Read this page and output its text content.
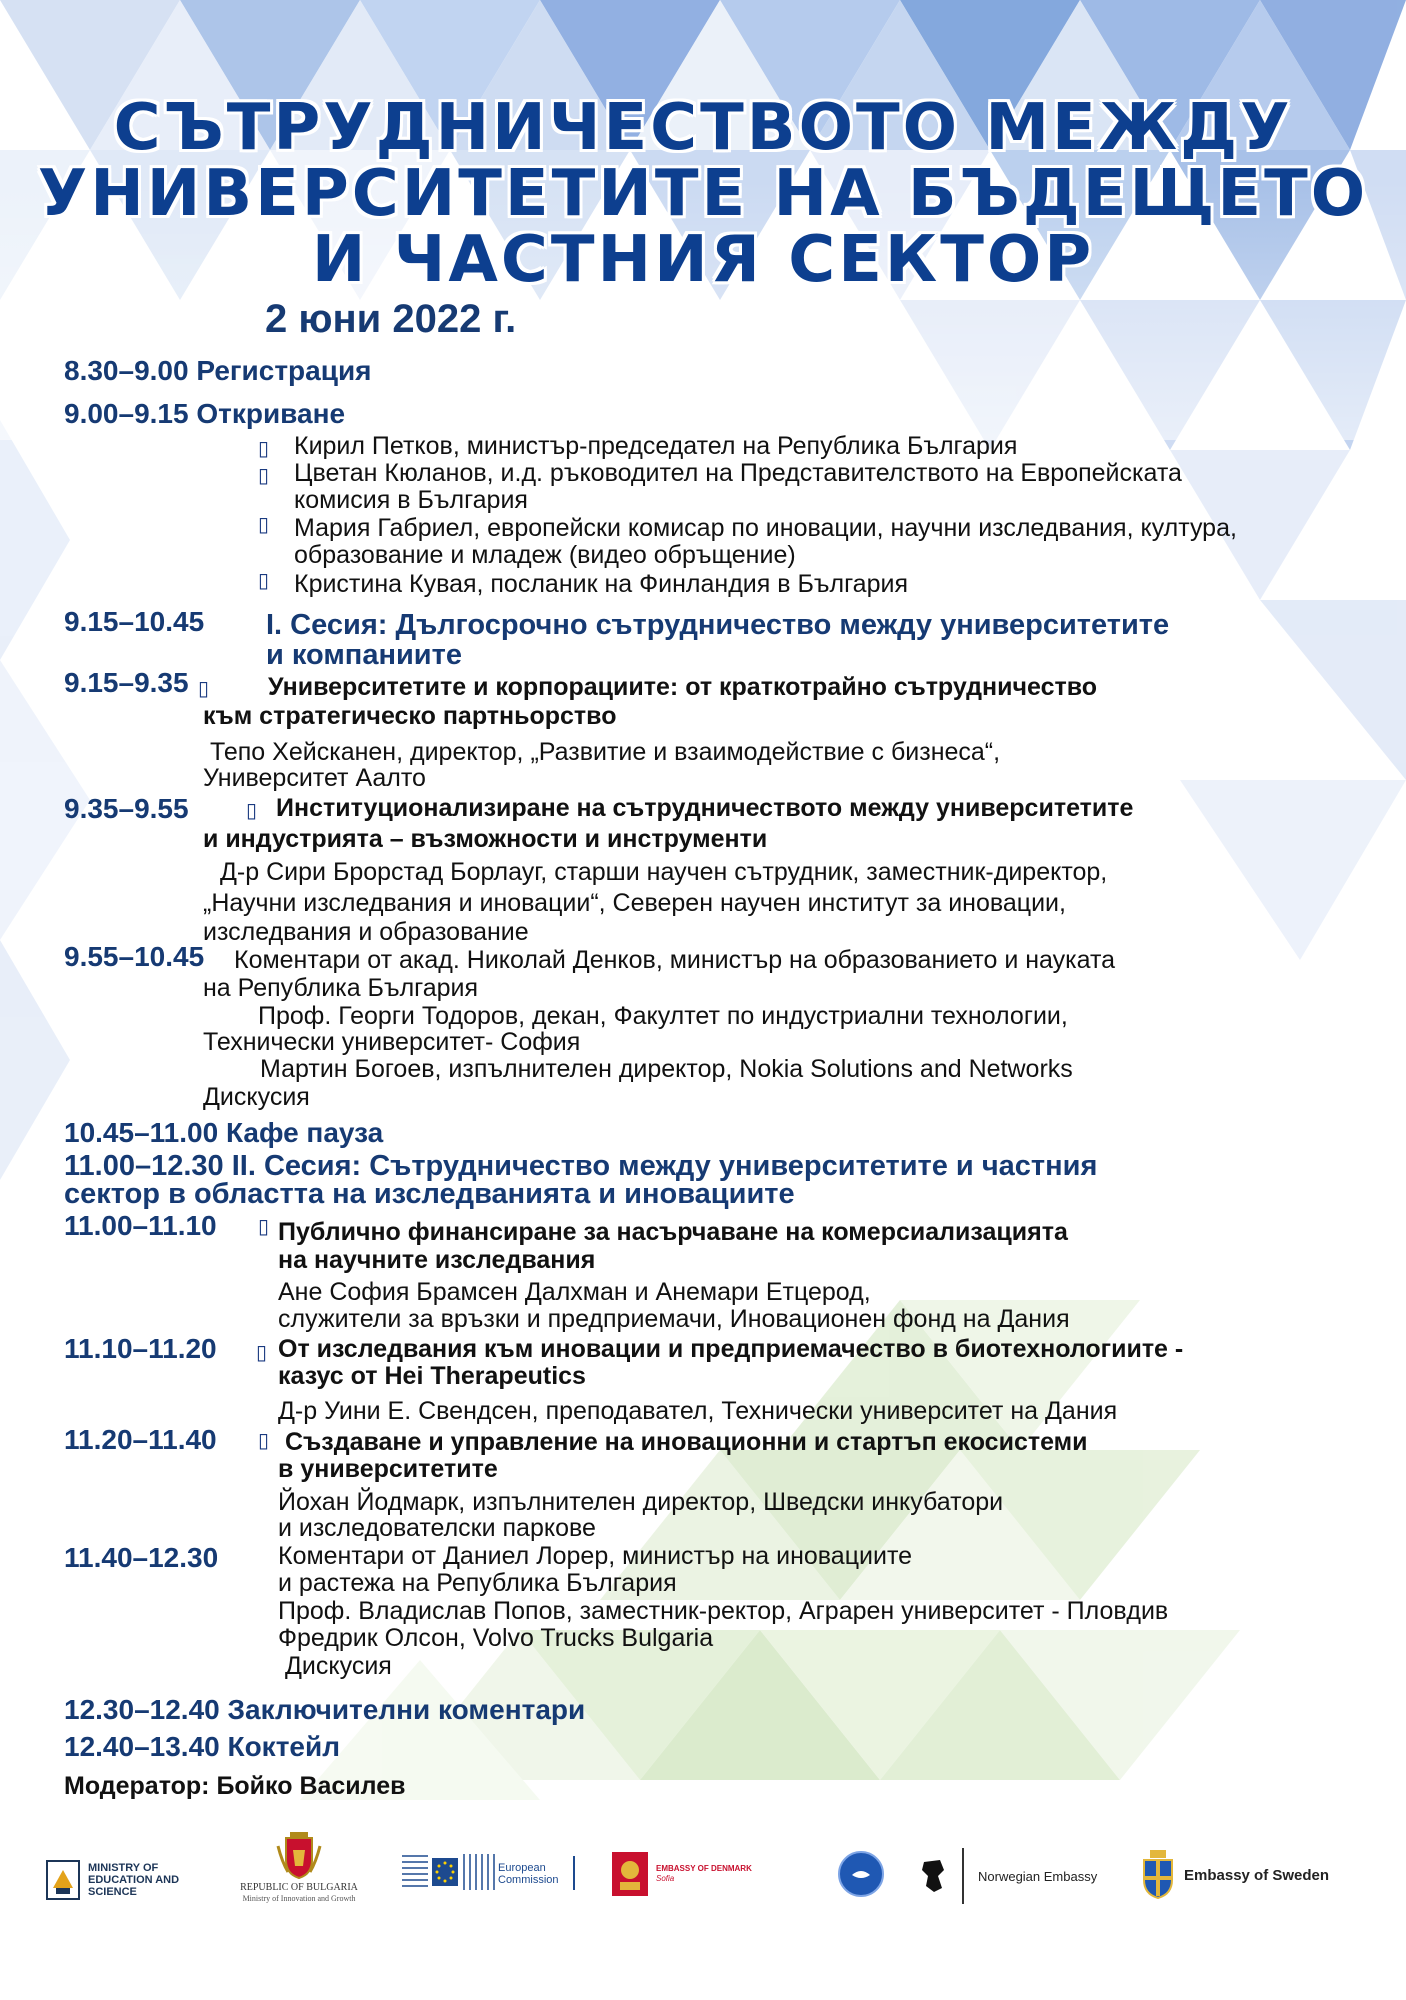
СЪТРУДНИЧЕСТВОТО МЕЖДУ
УНИВЕРСИТЕТИТЕ НА БЪДЕЩЕТО
И ЧАСТНИЯ СЕКТОР
2 юни 2022 г.
8.30–9.00 Регистрация
9.00–9.15 Откриване
▯ Кирил Петков, министър-председател на Република България
▯ Цветан Кюланов, и.д. ръководител на Представителството на Европейската
комисия в България
▯ Мария Габриел, европейски комисар по иновации, научни изследвания, култура,
образование и младеж (видео обръщение)
▯ Кристина Кувая, посланик на Финландия в България
9.15–10.45 I. Сесия: Дългосрочно сътрудничество между университетите
и компаниите
9.15–9.35 ▯ Университетите и корпорациите: от краткотрайно сътрудничество
към стратегическо партньорство
Тепо Хейсканен, директор, „Развитие и взаимодействие с бизнеса“,
Университет Аалто
9.35–9.55	▯ Институционализиране на сътрудничеството между университетите
и индустрията – възможности и инструменти
Д-р Сири Брорстад Борлауг, старши научен сътрудник, заместник-директор,
„Научни изследвания и иновации“, Северен научен институт за иновации,
изследвания и образование
9.55–10.45 Коментари от акад. Николай Денков, министър на образованието и науката
на Република България
Проф. Георги Тодоров, декан, Факултет по индустриални технологии,
Технически университет- София
Мартин Богоев, изпълнителен директор, Nokia Solutions and Networks
Дискусия
10.45–11.00 Кафе пауза
11.00–12.30 II. Сесия: Сътрудничество между университетите и частния
сектор в областта на изследванията и иновациите
11.00–11.10 ▯ Публично финансиране за насърчаване на комерсиализацията
на научните изследвания
Ане София Брамсен Далхман и Анемари Етцерод,
служители за връзки и предприемачи, Иновационен фонд на Дания
11.10–11.20 ▯ От изследвания към иновации и предприемачество в биотехнологиите -
казус от Hei Therapeutics
Д-р Уини Е. Свендсен, преподавател, Технически университет на Дания
11.20–11.40 ▯ Създаване и управление на иновационни и стартъп екосистеми
в университетите
Йохан Йодмарк, изпълнителен директор, Шведски инкубатори
и изследователски паркове
11.40–12.30 Коментари от Даниел Лорер, министър на иновациите
и растежа на Република България
Проф. Владислав Попов, заместник-ректор, Аграрен университет - Пловдив
Фредрик Олсон, Volvo Trucks Bulgaria
Дискусия
12.30–12.40 Заключителни коментари
12.40–13.40 Коктейл
Модератор: Бойко Василев
MINISTRY OF EDUCATION AND SCIENCE	REPUBLIC OF BULGARIA
Ministry of Innovation and Growth
European
Commission
EMBASSY OF DENMARK
Sofia	Norwegian Embassy	Embassy of Sweden
